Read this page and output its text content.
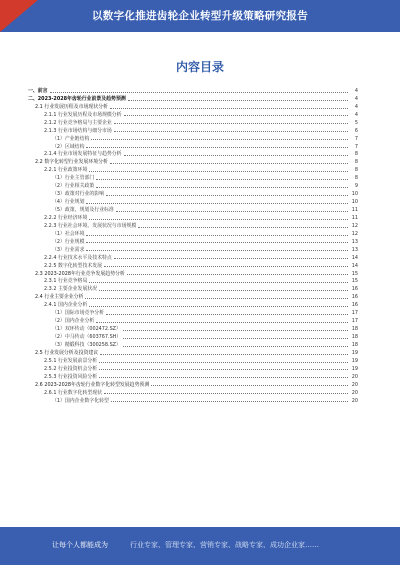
以数字化推进齿轮企业转型升级策略研究报告
内容目录
一、前言	4
二、2023-2028年齿轮行业前景及趋势预测	4
2.1 行业发展历程及市场现状分析	4
2.1.1 行业发展历程及市场规模分析	4
2.1.2 行业竞争格局与主要企业	5
2.1.3 行业市场结构与细分市场	6
（1）产业链结构	7
（2）区域结构	7
2.1.4 行业市场发展特征与趋势分析	8
2.2 数字化转型行业发展环境分析	8
2.2.1 行业政策环境	8
（1）行业主管部门	8
（2）行业相关政策	9
（3）政策对行业的影响	10
（4）行业规划	10
（5）政策、规划及行业标准	11
2.2.2 行业经济环境	11
2.2.3 行业社会环境、发展状况与市场规模	12
（1）社会环境	12
（2）行业规模	13
（3）行业需求	13
2.2.4 行业技术水平及技术特点	14
2.2.5 数字化转型技术发展	14
2.3 2023-2028年行业竞争发展趋势分析	15
2.3.1 行业竞争格局	15
2.3.2 主要企业发展状况	16
2.4 行业主要企业分析	16
2.4.1 国内企业分析	16
（1）国际市场竞争分析	17
（2）国内企业分析	17
（1）双环传动（002472.SZ）	18
（2）中马传动（603767.SH）	18
（3）精锻科技（300258.SZ）	18
2.5 行业发展分析及投资建议	19
2.5.1 行业发展前景分析	19
2.5.2 行业投资机会分析	19
2.5.3 行业投资风险分析	20
2.6 2023-2028年齿轮行业数字化转型发展趋势预测	20
2.6.1 行业数字化转型现状	20
（1）国内企业数字化转型	20
让每个人都能成为	行业专家、管理专家、营销专家、战略专家、成功企业家……
